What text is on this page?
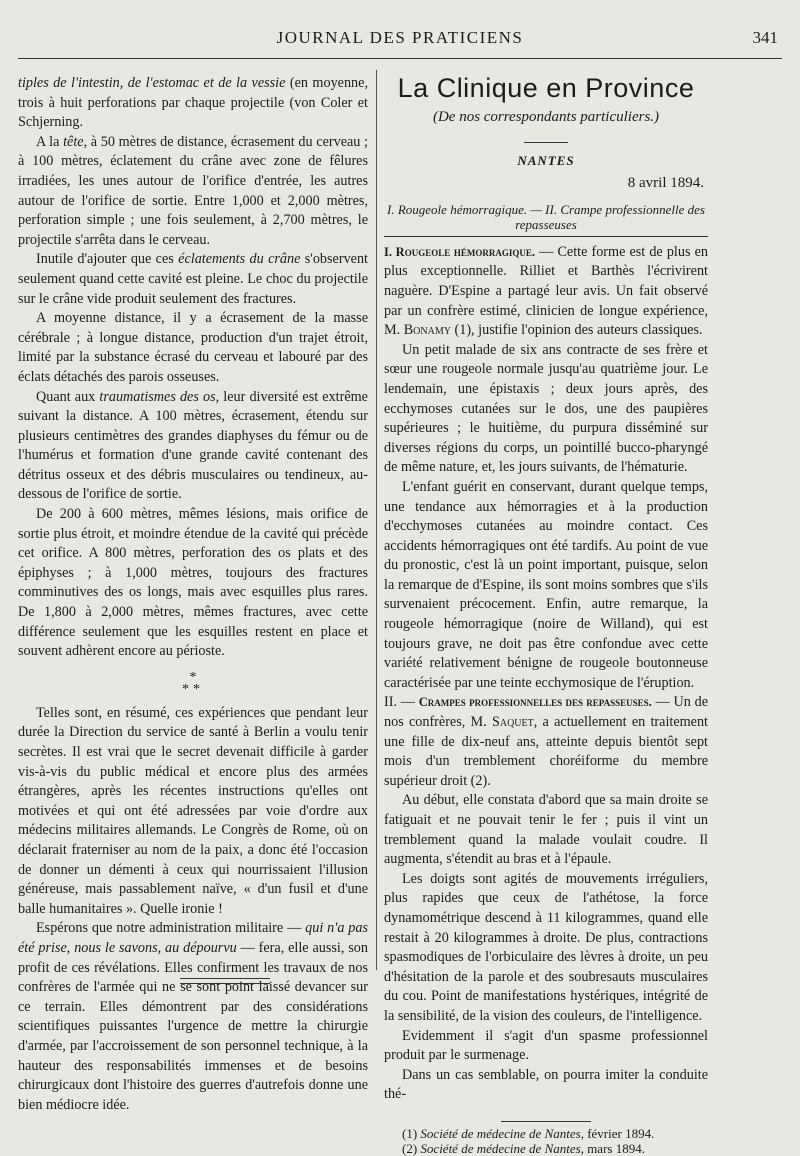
JOURNAL DES PRATICIENS	341

tiples de l'intestin, de l'estomac et de la vessie (en moyenne, trois à huit perforations par chaque projectile (von Coler et Schjerning.

A la tête, à 50 mètres de distance, écrasement du cerveau ; à 100 mètres, éclatement du crâne avec zone de fêlures irradiées, les unes autour de l'orifice d'entrée, les autres autour de l'orifice de sortie. Entre 1,000 et 2,000 mètres, perforation simple ; une fois seulement, à 2,700 mètres, le projectile s'arrêta dans le cerveau.

Inutile d'ajouter que ces éclatements du crâne s'observent seulement quand cette cavité est pleine. Le choc du projectile sur le crâne vide produit seulement des fractures.

A moyenne distance, il y a écrasement de la masse cérébrale ; à longue distance, production d'un trajet étroit, limité par la substance écrasé du cerveau et labouré par des éclats détachés des parois osseuses.

Quant aux traumatismes des os, leur diversité est extrême suivant la distance. A 100 mètres, écrasement, étendu sur plusieurs centimètres des grandes diaphyses du fémur ou de l'humérus et formation d'une grande cavité contenant des détritus osseux et des débris musculaires ou tendineux, au-dessous de l'orifice de sortie.

De 200 à 600 mètres, mêmes lésions, mais orifice de sortie plus étroit, et moindre étendue de la cavité qui précède cet orifice. A 800 mètres, perforation des os plats et des épiphyses ; à 1,000 mètres, toujours des fractures comminutives des os longs, mais avec esquilles plus rares. De 1,800 à 2,000 mètres, mêmes fractures, avec cette différence seulement que les esquilles restent en place et souvent adhèrent encore au périoste.

*
**

Telles sont, en résumé, ces expériences que pendant leur durée la Direction du service de santé à Berlin a voulu tenir secrètes. Il est vrai que le secret devenait difficile à garder vis-à-vis du public médical et encore plus des armées étrangères, après les récentes instructions qu'elles ont motivées et qui ont été adressées par voie d'ordre aux médecins militaires allemands. Le Congrès de Rome, où on déclarait fraterniser au nom de la paix, a donc été l'occasion de donner un démenti à ceux qui nourrissaient l'illusion généreuse, mais passablement naïve, « d'un fusil et d'une balle humanitaires ». Quelle ironie !

Espérons que notre administration militaire — qui n'a pas été prise, nous le savons, au dépourvu — fera, elle aussi, son profit de ces révélations. Elles confirment les travaux de nos confrères de l'armée qui ne se sont point laissé devancer sur ce terrain. Elles démontrent par des considérations scientifiques puissantes l'urgence de mettre la chirurgie d'armée, par l'accroissement de son personnel technique, à la hauteur des responsabilités immenses et de besoins chirurgicaux dont l'histoire des guerres d'autrefois donne une bien médiocre idée.

La Clinique en Province
(De nos correspondants particuliers.)
NANTES
8 avril 1894.
I. Rougeole hémorragique. — II. Crampe professionnelle des repasseuses

I. Rougeole hémorragique. — Cette forme est de plus en plus exceptionnelle. Rilliet et Barthès l'écrivirent naguère. D'Espine a partagé leur avis. Un fait observé par un confrère estimé, clinicien de longue expérience, M. Bonamy (1), justifie l'opinion des auteurs classiques.

Un petit malade de six ans contracte de ses frère et sœur une rougeole normale jusqu'au quatrième jour. Le lendemain, une épistaxis ; deux jours après, des ecchymoses cutanées sur le dos, une des paupières supérieures ; le huitième, du purpura disséminé sur diverses régions du corps, un pointillé bucco-pharyngé de même nature, et, les jours suivants, de l'hématurie.

L'enfant guérit en conservant, durant quelque temps, une tendance aux hémorragies et à la production d'ecchymoses cutanées au moindre contact. Ces accidents hémorragiques ont été tardifs. Au point de vue du pronostic, c'est là un point important, puisque, selon la remarque de d'Espine, ils sont moins sombres que s'ils survenaient précocement. Enfin, autre remarque, la rougeole hémorragique (noire de Willand), qui est toujours grave, ne doit pas être confondue avec cette variété relativement bénigne de rougeole boutonneuse caractérisée par une teinte ecchymosique de l'éruption.

II. — Crampes professionnelles des repasseuses. — Un de nos confrères, M. Saquet, a actuellement en traitement une fille de dix-neuf ans, atteinte depuis bientôt sept mois d'un tremblement choréiforme du membre supérieur droit (2).

Au début, elle constata d'abord que sa main droite se fatiguait et ne pouvait tenir le fer ; puis il vint un tremblement quand la malade voulait coudre. Il augmenta, s'étendit au bras et à l'épaule.

Les doigts sont agités de mouvements irréguliers, plus rapides que ceux de l'athétose, la force dynamométrique descend à 11 kilogrammes, quand elle restait à 20 kilogrammes à droite. De plus, contractions spasmodiques de l'orbiculaire des lèvres à droite, un peu d'hésitation de la parole et des soubresauts musculaires du cou. Point de manifestations hystériques, intégrité de la sensibilité, de la vision des couleurs, de l'intelligence.

Evidemment il s'agit d'un spasme professionnel produit par le surmenage.

Dans un cas semblable, on pourra imiter la conduite thé-

(1) Société de médecine de Nantes, février 1894.

(2) Société de médecine de Nantes, mars 1894.
